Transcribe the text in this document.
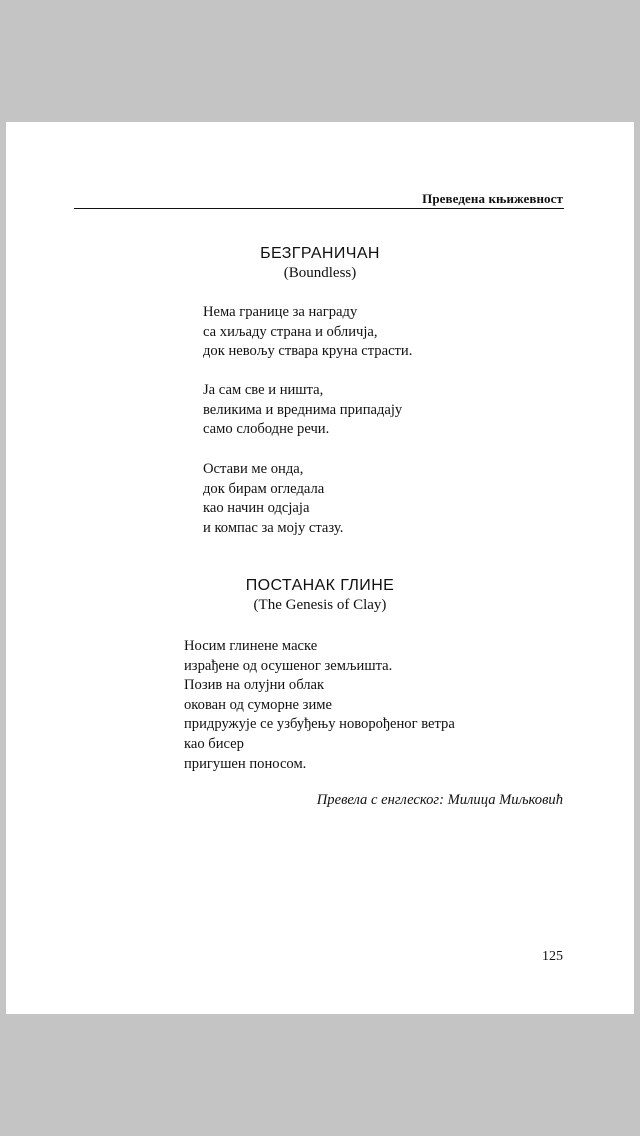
Преведена књижевност
БЕЗГРАНИЧАН
(Boundless)
Нема границе за награду
са хиљаду страна и обличја,
док невољу ствара круна страсти.
Ја сам све и ништа,
великима и вреднима припадају
само слободне речи.
Остави ме онда,
док бирам огледала
као начин одсјаја
и компас за моју стазу.
ПОСТАНАК ГЛИНЕ
(The Genesis of Clay)
Носим глинене маске
израђене од осушеног земљишта.
Позив на олујни облак
окован од суморне зиме
придружује се узбуђењу новорођеног ветра
као бисер
пригушен поносом.
Превела с енглеског: Милица Миљковић
125
